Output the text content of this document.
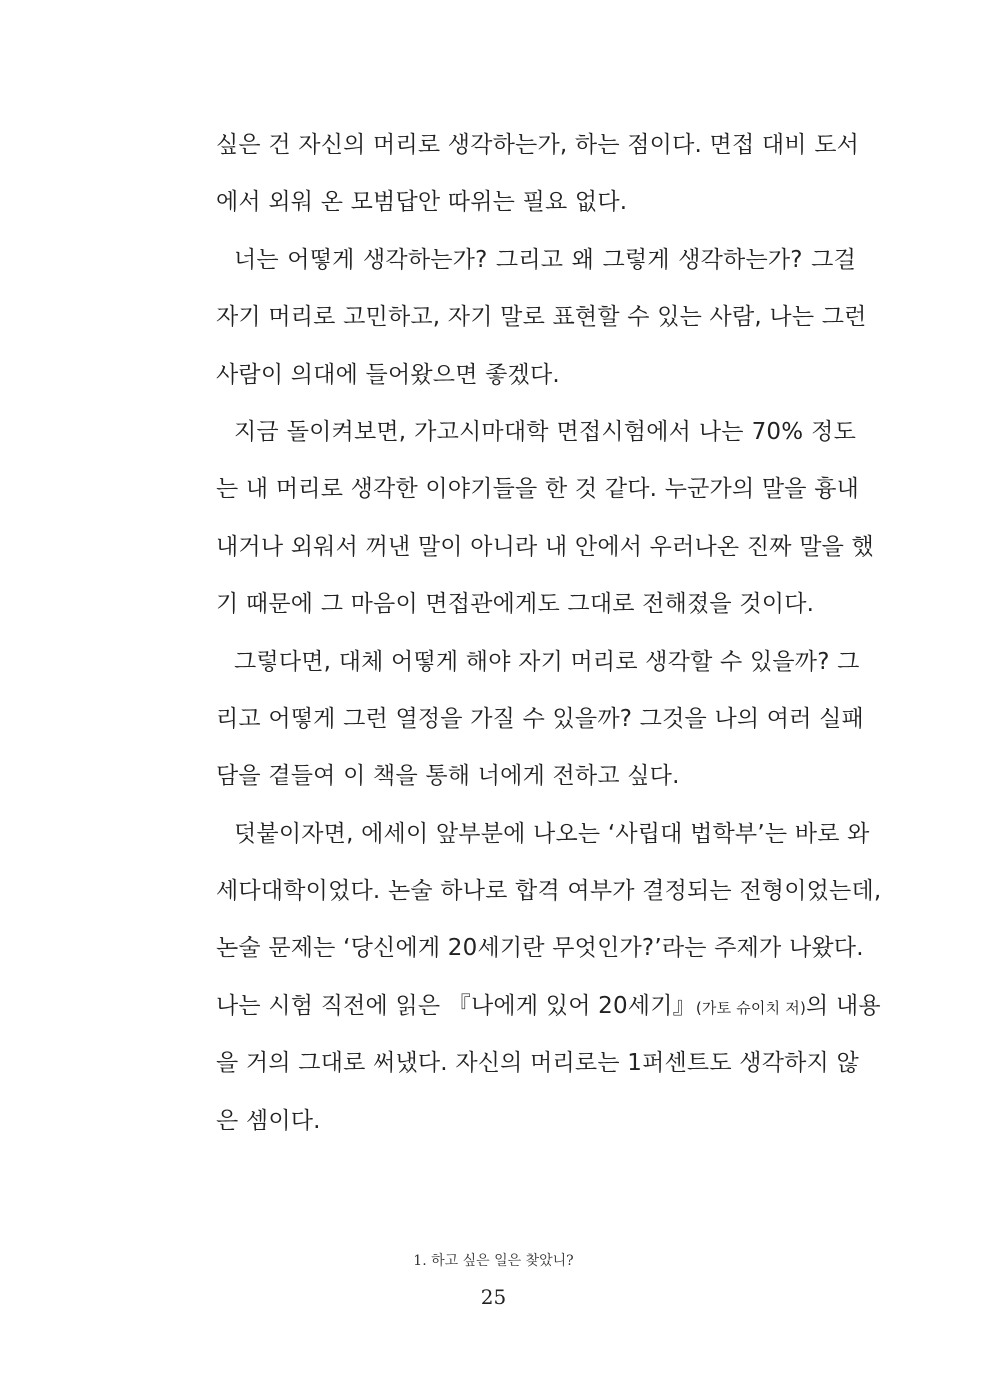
싶은 건 자신의 머리로 생각하는가, 하는 점이다. 면접 대비 도서
에서 외워 온 모범답안 따위는 필요 없다.
너는 어떻게 생각하는가? 그리고 왜 그렇게 생각하는가? 그걸
자기 머리로 고민하고, 자기 말로 표현할 수 있는 사람, 나는 그런
사람이 의대에 들어왔으면 좋겠다.
지금 돌이켜보면, 가고시마대학 면접시험에서 나는 70% 정도
는 내 머리로 생각한 이야기들을 한 것 같다. 누군가의 말을 흉내
내거나 외워서 꺼낸 말이 아니라 내 안에서 우러나온 진짜 말을 했
기 때문에 그 마음이 면접관에게도 그대로 전해졌을 것이다.
그렇다면, 대체 어떻게 해야 자기 머리로 생각할 수 있을까? 그
리고 어떻게 그런 열정을 가질 수 있을까? 그것을 나의 여러 실패
담을 곁들여 이 책을 통해 너에게 전하고 싶다.
덧붙이자면, 에세이 앞부분에 나오는 ‘사립대 법학부’는 바로 와
세다대학이었다. 논술 하나로 합격 여부가 결정되는 전형이었는데,
논술 문제는 ‘당신에게 20세기란 무엇인가?’라는 주제가 나왔다.
나는 시험 직전에 읽은 『나에게 있어 20세기』(가토 슈이치 저)의 내용
을 거의 그대로 써냈다. 자신의 머리로는 1퍼센트도 생각하지 않
은 셈이다.
1. 하고 싶은 일은 찾았니?
25
